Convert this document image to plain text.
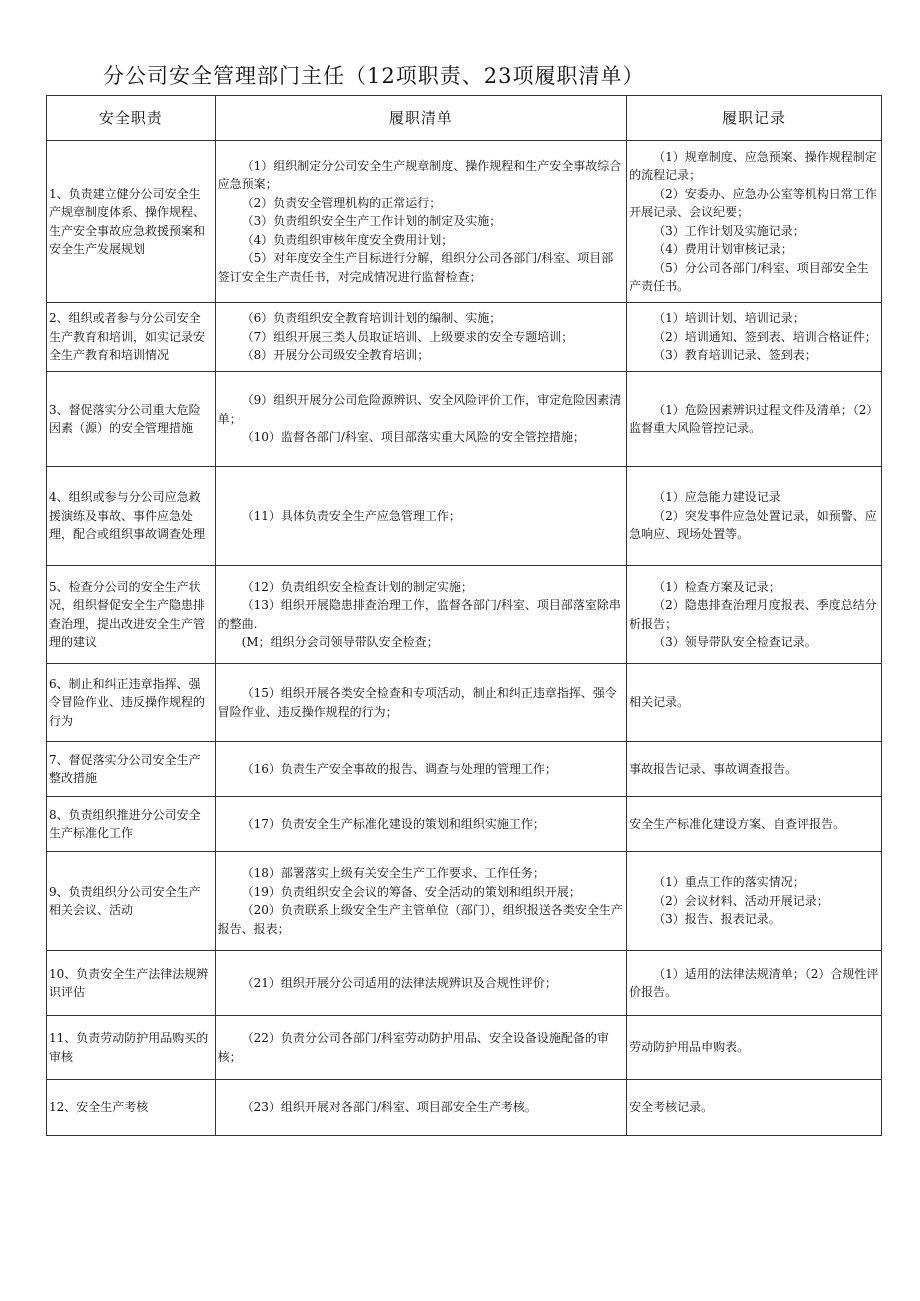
分公司安全管理部门主任（12项职责、23项履职清单）
安全职责	履职清单	履职记录
1、负责建立健分公司安全生产规章制度体系、操作规程、生产安全事故应急救援预案和安全生产发展规划	（1）组织制定分公司安全生产规章制度、操作规程和生产安全事故综合应急预案；
（2）负责安全管理机构的正常运行；
（3）负责组织安全生产工作计划的制定及实施；
（4）负责组织审核年度安全费用计划；
（5）对年度安全生产目标进行分解，组织分公司各部门/科室、项目部签订安全生产责任书，对完成情况进行监督检查；	（1）规章制度、应急预案、操作规程制定的流程记录；
（2）安委办、应急办公室等机构日常工作开展记录、会议纪要；
（3）工作计划及实施记录；
（4）费用计划审核记录；
（5）分公司各部门/科室、项目部安全生产责任书。

2、组织或者参与分公司安全生产教育和培训，如实记录安全生产教育和培训情况	（6）负责组织安全教育培训计划的编制、实施；
（7）组织开展三类人员取证培训、上级要求的安全专题培训；
（8）开展分公司级安全教育培训；	（1）培训计划、培训记录；
（2）培训通知、签到表、培训合格证件；
（3）教育培训记录、签到表；

3、督促落实分公司重大危险因素（源）的安全管理措施	（9）组织开展分公司危险源辨识、安全风险评价工作，审定危险因素清单；
（10）监督各部门/科室、项目部落实重大风险的安全管控措施；	（1）危险因素辨识过程文件及清单；（2）监督重大风险管控记录。

4、组织或参与分公司应急救援演练及事故、事件应急处理，配合或组织事故调查处理	（11）具体负责安全生产应急管理工作；	（1）应急能力建设记录
（2）突发事件应急处置记录，如预警、应急响应、现场处置等。

5、检查分公司的安全生产状况，组织督促安全生产隐患排查治理，提出改进安全生产管理的建议	（12）负责组织安全检查计划的制定实施；
（13）组织开展隐患排查治理工作，监督各部门/科室、项目部落室除串的整曲.
(M；组织分会司领导带队安全检查；	（1）检查方案及记录；
（2）隐患排查治理月度报表、季度总结分析报告；
（3）领导带队安全检查记录。

6、制止和纠正违章指挥、强令冒险作业、违反操作规程的行为	（15）组织开展各类安全检查和专项活动，制止和纠正违章指挥、强令冒险作业、违反操作规程的行为；	相关记录。

7、督促落实分公司安全生产整改措施	（16）负责生产安全事故的报告、调查与处理的管理工作；	事故报告记录、事故调查报告。

8、负责组织推进分公司安全生产标准化工作	（17）负责安全生产标准化建设的策划和组织实施工作；	安全生产标准化建设方案、自查评报告。

9、负责组织分公司安全生产相关会议、活动	（18）部署落实上级有关安全生产工作要求、工作任务；
（19）负责组织安全会议的筹备、安全活动的策划和组织开展；
（20）负责联系上级安全生产主管单位（部门），组织报送各类安全生产报告、报表；	（1）重点工作的落实情况；
（2）会议材料、活动开展记录；
（3）报告、报表记录。

10、负责安全生产法律法规辨识评估	（21）组织开展分公司适用的法律法规辨识及合规性评价；	（1）适用的法律法规清单；（2）合规性评价报告。

11、负责劳动防护用品购买的审核	（22）负责分公司各部门/科室劳动防护用品、安全设备设施配备的审核；	劳动防护用品申购表。

12、安全生产考核	（23）组织开展对各部门/科室、项目部安全生产考核。	安全考核记录。
